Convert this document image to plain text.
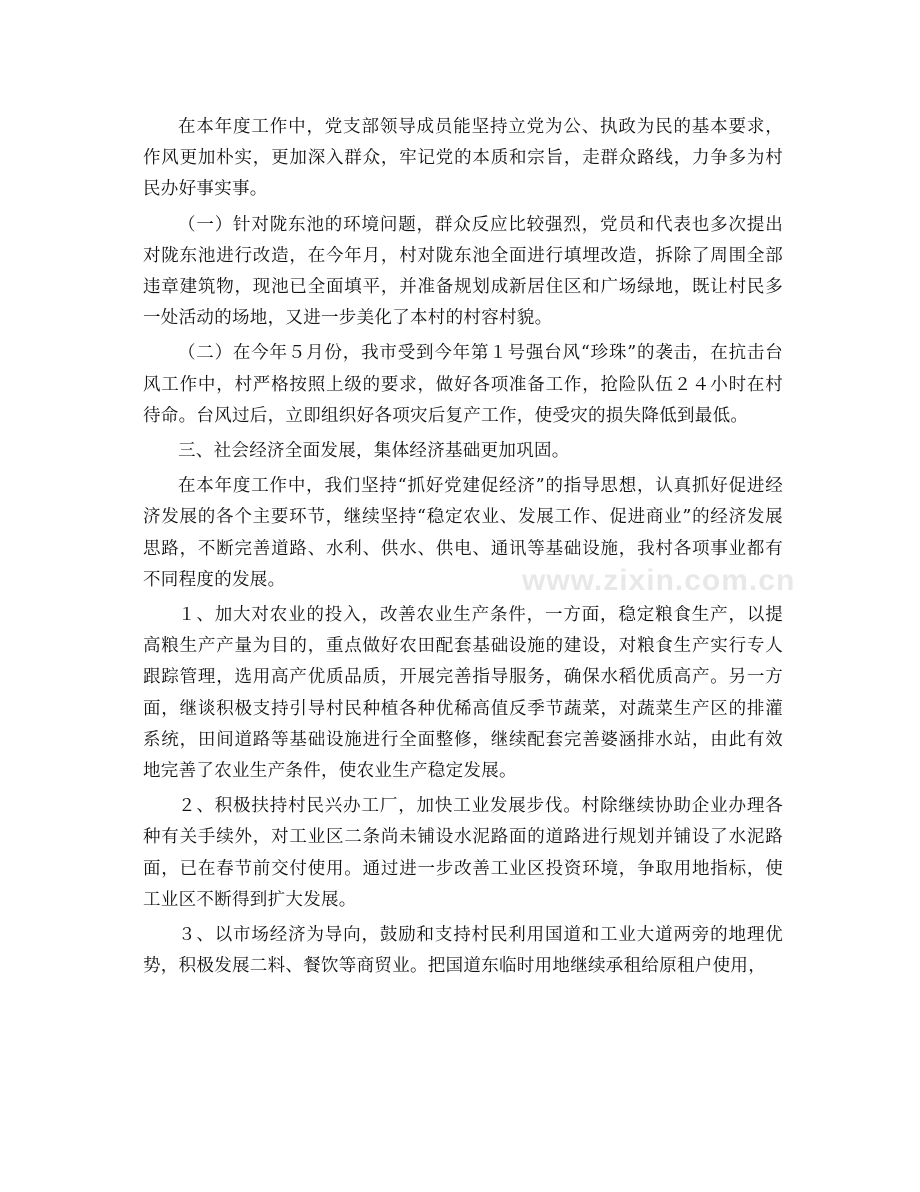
在本年度工作中，党支部领导成员能坚持立党为公、执政为民的基本要求，作风更加朴实，更加深入群众，牢记党的本质和宗旨，走群众路线，力争多为村民办好事实事。

（一）针对陇东池的环境问题，群众反应比较强烈，党员和代表也多次提出对陇东池进行改造，在今年月，村对陇东池全面进行填埋改造，拆除了周围全部违章建筑物，现池已全面填平，并准备规划成新居住区和广场绿地，既让村民多一处活动的场地，又进一步美化了本村的村容村貌。

（二）在今年５月份，我市受到今年第１号强台风“珍珠”的袭击，在抗击台风工作中，村严格按照上级的要求，做好各项准备工作，抢险队伍２４小时在村待命。台风过后，立即组织好各项灾后复产工作，使受灾的损失降低到最低。

三、社会经济全面发展，集体经济基础更加巩固。

在本年度工作中，我们坚持“抓好党建促经济”的指导思想，认真抓好促进经济发展的各个主要环节，继续坚持“稳定农业、发展工作、促进商业”的经济发展思路，不断完善道路、水利、供水、供电、通讯等基础设施，我村各项事业都有不同程度的发展。

１、加大对农业的投入，改善农业生产条件，一方面，稳定粮食生产，以提高粮生产产量为目的，重点做好农田配套基础设施的建设，对粮食生产实行专人跟踪管理，选用高产优质品质，开展完善指导服务，确保水稻优质高产。另一方面，继谈积极支持引导村民种植各种优稀高值反季节蔬菜，对蔬菜生产区的排灌系统，田间道路等基础设施进行全面整修，继续配套完善婆涵排水站，由此有效地完善了农业生产条件，使农业生产稳定发展。

２、积极扶持村民兴办工厂，加快工业发展步伐。村除继续协助企业办理各种有关手续外，对工业区二条尚未铺设水泥路面的道路进行规划并铺设了水泥路面，已在春节前交付使用。通过进一步改善工业区投资环境，争取用地指标，使工业区不断得到扩大发展。

３、以市场经济为导向，鼓励和支持村民利用国道和工业大道两旁的地理优势，积极发展二料、餐饮等商贸业。把国道东临时用地继续承租给原租户使用，

www.zixin.com.cn
